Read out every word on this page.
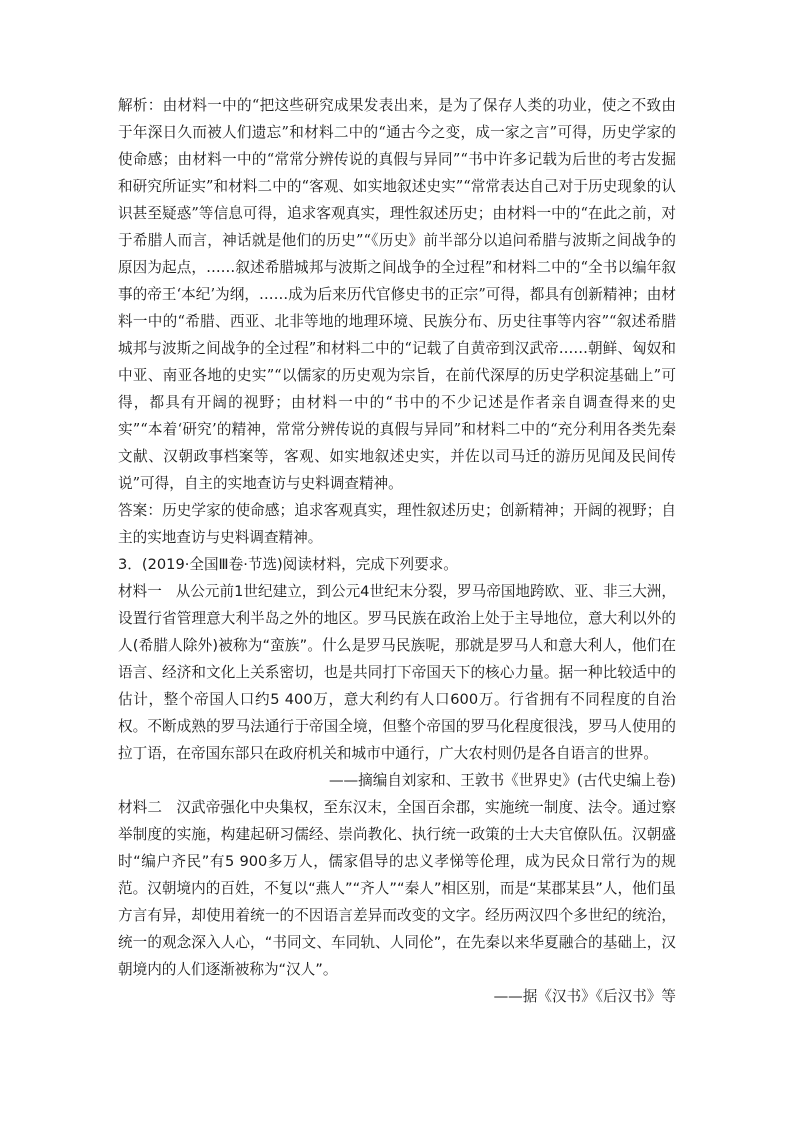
解析：由材料一中的“把这些研究成果发表出来，是为了保存人类的功业，使之不致由于年深日久而被人们遗忘”和材料二中的“通古今之变，成一家之言”可得，历史学家的使命感；由材料一中的“常常分辨传说的真假与异同”“书中许多记载为后世的考古发掘和研究所证实”和材料二中的“客观、如实地叙述史实”“常常表达自己对于历史现象的认识甚至疑惑”等信息可得，追求客观真实，理性叙述历史；由材料一中的“在此之前，对于希腊人而言，神话就是他们的历史”“《历史》前半部分以追问希腊与波斯之间战争的原因为起点，……叙述希腊城邦与波斯之间战争的全过程”和材料二中的“全书以编年叙事的帝王‘本纪’为纲，……成为后来历代官修史书的正宗”可得，都具有创新精神；由材料一中的“希腊、西亚、北非等地的地理环境、民族分布、历史往事等内容”“叙述希腊城邦与波斯之间战争的全过程”和材料二中的“记载了自黄帝到汉武帝……朝鲜、匈奴和中亚、南亚各地的史实”“以儒家的历史观为宗旨，在前代深厚的历史学积淀基础上”可得，都具有开阔的视野；由材料一中的“书中的不少记述是作者亲自调查得来的史实”“本着‘研究’的精神，常常分辨传说的真假与异同”和材料二中的“充分利用各类先秦文献、汉朝政事档案等，客观、如实地叙述史实，并佐以司马迁的游历见闻及民间传说”可得，自主的实地查访与史料调查精神。

答案：历史学家的使命感；追求客观真实，理性叙述历史；创新精神；开阔的视野；自主的实地查访与史料调查精神。

3．(2019·全国Ⅲ卷·节选)阅读材料，完成下列要求。

材料一 从公元前1世纪建立，到公元4世纪末分裂，罗马帝国地跨欧、亚、非三大洲，设置行省管理意大利半岛之外的地区。罗马民族在政治上处于主导地位，意大利以外的人(希腊人除外)被称为“蛮族”。什么是罗马民族呢，那就是罗马人和意大利人，他们在语言、经济和文化上关系密切，也是共同打下帝国天下的核心力量。据一种比较适中的估计，整个帝国人口约5 400万，意大利约有人口600万。行省拥有不同程度的自治权。不断成熟的罗马法通行于帝国全境，但整个帝国的罗马化程度很浅，罗马人使用的拉丁语，在帝国东部只在政府机关和城市中通行，广大农村则仍是各自语言的世界。

——摘编自刘家和、王敦书《世界史》(古代史编上卷)

材料二 汉武帝强化中央集权，至东汉末，全国百余郡，实施统一制度、法令。通过察举制度的实施，构建起研习儒经、崇尚教化、执行统一政策的士大夫官僚队伍。汉朝盛时“编户齐民”有5 900多万人，儒家倡导的忠义孝悌等伦理，成为民众日常行为的规范。汉朝境内的百姓，不复以“燕人”“齐人”“秦人”相区别，而是“某郡某县”人，他们虽方言有异，却使用着统一的不因语言差异而改变的文字。经历两汉四个多世纪的统治，统一的观念深入人心，“书同文、车同轨、人同伦”，在先秦以来华夏融合的基础上，汉朝境内的人们逐渐被称为“汉人”。

——据《汉书》《后汉书》等
